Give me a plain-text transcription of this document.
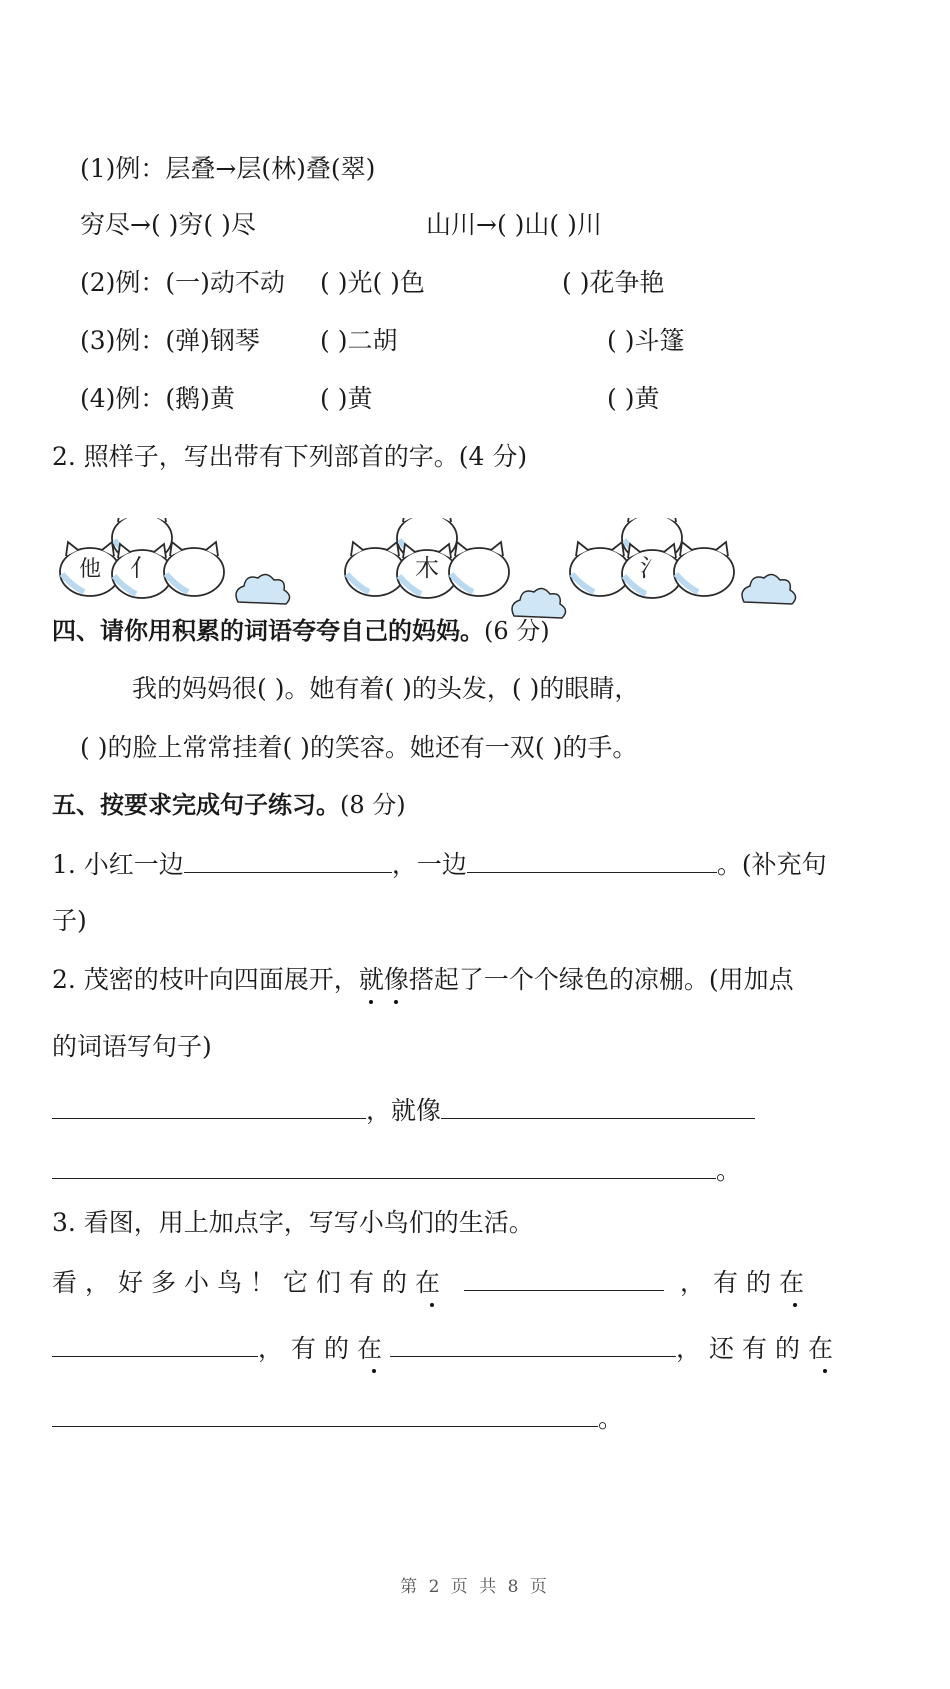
(1)例：层叠→层(林)叠(翠)
穷尽→( )穷( )尽	山川→( )山( )川
(2)例：(一)动不动 ( )光( )色	( )花争艳
(3)例：(弹)钢琴 ( )二胡	( )斗篷
(4)例：(鹅)黄	( )黄	( )黄
2. 照样子，写出带有下列部首的字。(4 分)
他 亻	木	氵
四、请你用积累的词语夸夸自己的妈妈。(6 分)
我的妈妈很( )。她有着( )的头发，( )的眼睛，
( )的脸上常常挂着( )的笑容。她还有一双( )的手。
五、按要求完成句子练习。(8 分)
1. 小红一边	，一边	。(补充句
子)
2. 茂密的枝叶向四面展开，就像搭起了一个个绿色的凉棚。(用加点
的词语写句子)
，就像
。
3. 看图，用上加点字，写写小鸟们的生活。
看，好多小鸟！它们有的在	，有的在
，有的在	，还有的在
。
第 2 页 共 8 页
